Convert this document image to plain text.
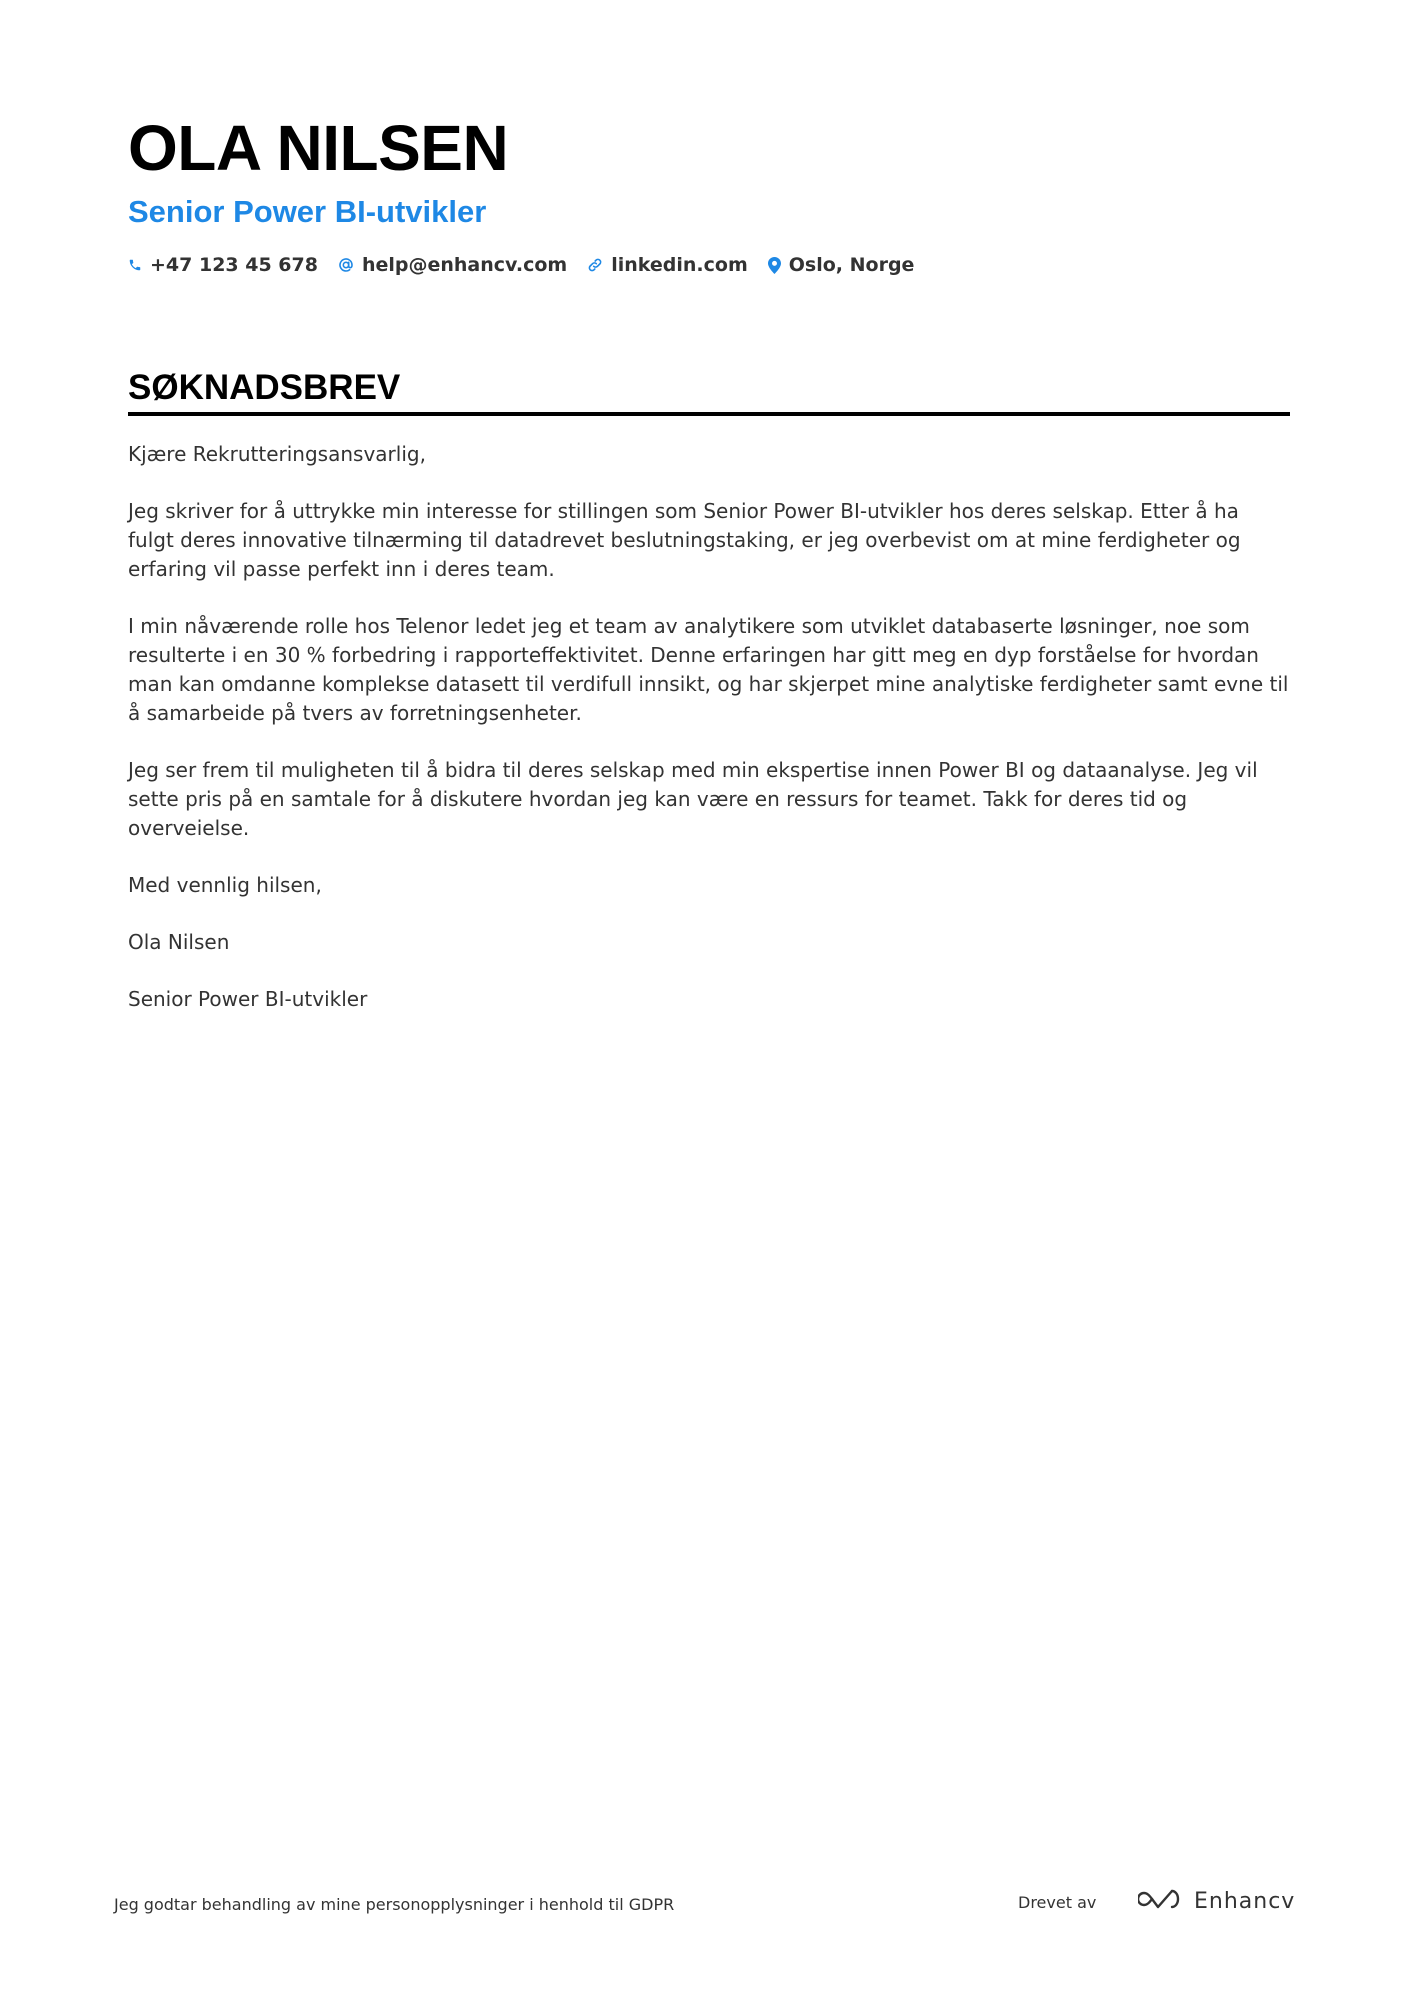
OLA NILSEN
Senior Power BI-utvikler
+47 123 45 678 help@enhancv.com linkedin.com Oslo, Norge
SØKNADSBREV

Kjære Rekrutteringsansvarlig,

Jeg skriver for å uttrykke min interesse for stillingen som Senior Power BI-utvikler hos deres selskap. Etter å ha fulgt deres innovative tilnærming til datadrevet beslutningstaking, er jeg overbevist om at mine ferdigheter og erfaring vil passe perfekt inn i deres team.

I min nåværende rolle hos Telenor ledet jeg et team av analytikere som utviklet databaserte løsninger, noe som resulterte i en 30 % forbedring i rapporteffektivitet. Denne erfaringen har gitt meg en dyp forståelse for hvordan man kan omdanne komplekse datasett til verdifull innsikt, og har skjerpet mine analytiske ferdigheter samt evne til å samarbeide på tvers av forretningsenheter.

Jeg ser frem til muligheten til å bidra til deres selskap med min ekspertise innen Power BI og dataanalyse. Jeg vil sette pris på en samtale for å diskutere hvordan jeg kan være en ressurs for teamet. Takk for deres tid og overveielse.

Med vennlig hilsen,

Ola Nilsen

Senior Power BI-utvikler

Jeg godtar behandling av mine personopplysninger i henhold til GDPR	Drevet av	Enhancv
